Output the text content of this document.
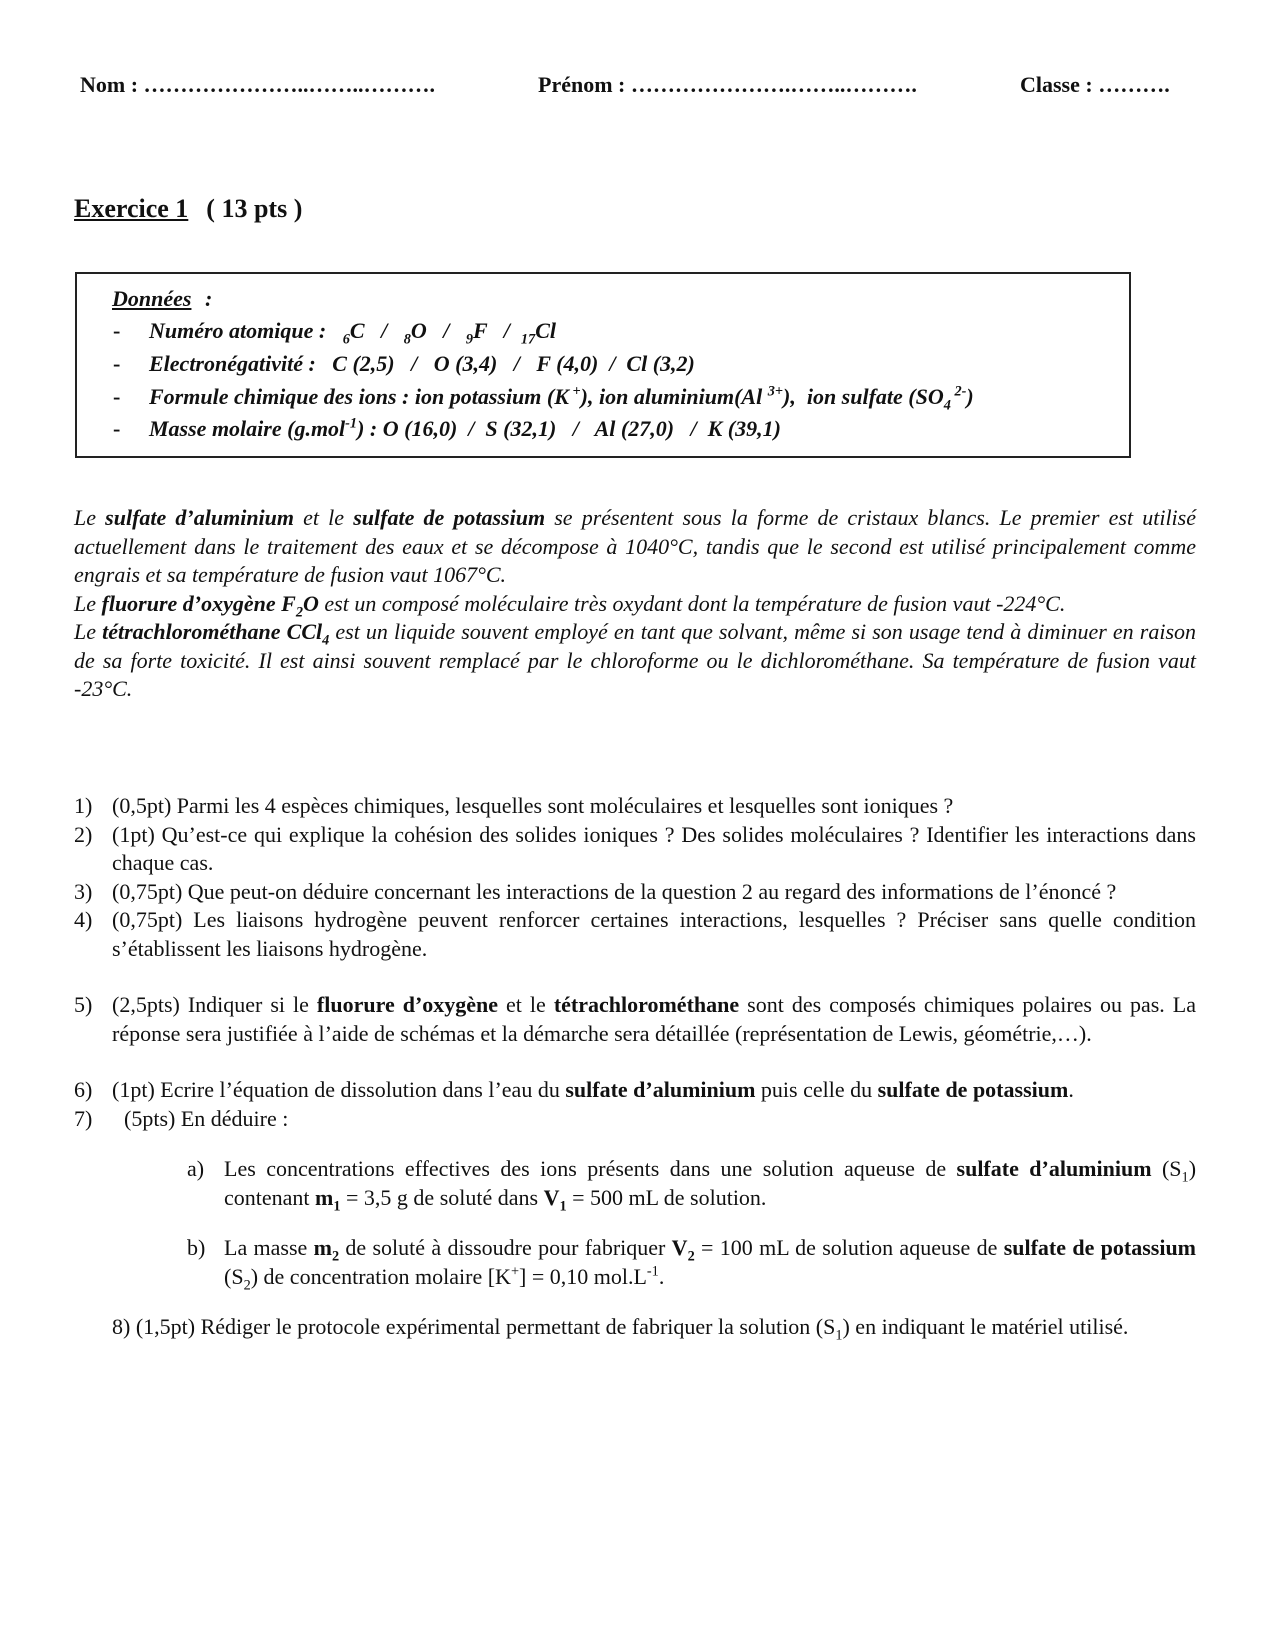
Nom : …………………..……..……….	Prénom : ………………….……..……….	Classe : ……….
Exercice 1 ( 13 pts )
Données :
- Numéro atomique :   $_6$C   /   $_8$O   /   $_9$F   /  $_{17}$Cl
- Electronégativité :   C (2,5)   /   O (3,4)   /   F (4,0)  /  Cl (3,2)
- Formule chimique des ions : ion potassium (K +), ion aluminium(Al $^{3+}$),  ion sulfate ($SO_4$ $^{2-}$)
- Masse molaire (g.mol$^{-1}$) : O (16,0)  /  S (32,1)   /   Al (27,0)   /  K (39,1)

Le sulfate d’aluminium et le sulfate de potassium se présentent sous la forme de cristaux blancs. Le premier est utilisé actuellement dans le traitement des eaux et se décompose à 1040°C, tandis que le second est utilisé principalement comme engrais et sa température de fusion vaut 1067°C.

Le fluorure d’oxygène $F_2O$ est un composé moléculaire très oxydant dont la température de fusion vaut -224°C.

Le tétrachlorométhane CCl$_4$ est un liquide souvent employé en tant que solvant, même si son usage tend à diminuer en raison de sa forte toxicité. Il est ainsi souvent remplacé par le chloroforme ou le dichlorométhane. Sa température de fusion vaut -23°C.

1) (0,5pt) Parmi les 4 espèces chimiques, lesquelles sont moléculaires et lesquelles sont ioniques ?

2) (1pt) Qu’est-ce qui explique la cohésion des solides ioniques ? Des solides moléculaires ? Identifier les interactions dans chaque cas.

3) (0,75pt) Que peut-on déduire concernant les interactions de la question 2 au regard des informations de l’énoncé ?

4) (0,75pt) Les liaisons hydrogène peuvent renforcer certaines interactions, lesquelles ? Préciser sans quelle condition s’établissent les liaisons hydrogène.

5) (2,5pts) Indiquer si le fluorure d’oxygène et le tétrachlorométhane sont des composés chimiques polaires ou pas. La réponse sera justifiée à l’aide de schémas et la démarche sera détaillée (représentation de Lewis, géométrie,…).

6) (1pt) Ecrire l’équation de dissolution dans l’eau du sulfate d’aluminium puis celle du sulfate de potassium.

7) (5pts) En déduire :

a) Les concentrations effectives des ions présents dans une solution aqueuse de sulfate d’aluminium $(S_1)$ contenant $m_1 = 3,5$ g de soluté dans $V_1 = 500$ mL de solution.

b) La masse $m_2$ de soluté à dissoudre pour fabriquer $V_2 = 100$ mL de solution aqueuse de sulfate de potassium $(S_2)$ de concentration molaire [K+] = 0,10 $mol.L^{-1}$.

8) (1,5pt) Rédiger le protocole expérimental permettant de fabriquer la solution $(S_1)$ en indiquant le matériel utilisé.
